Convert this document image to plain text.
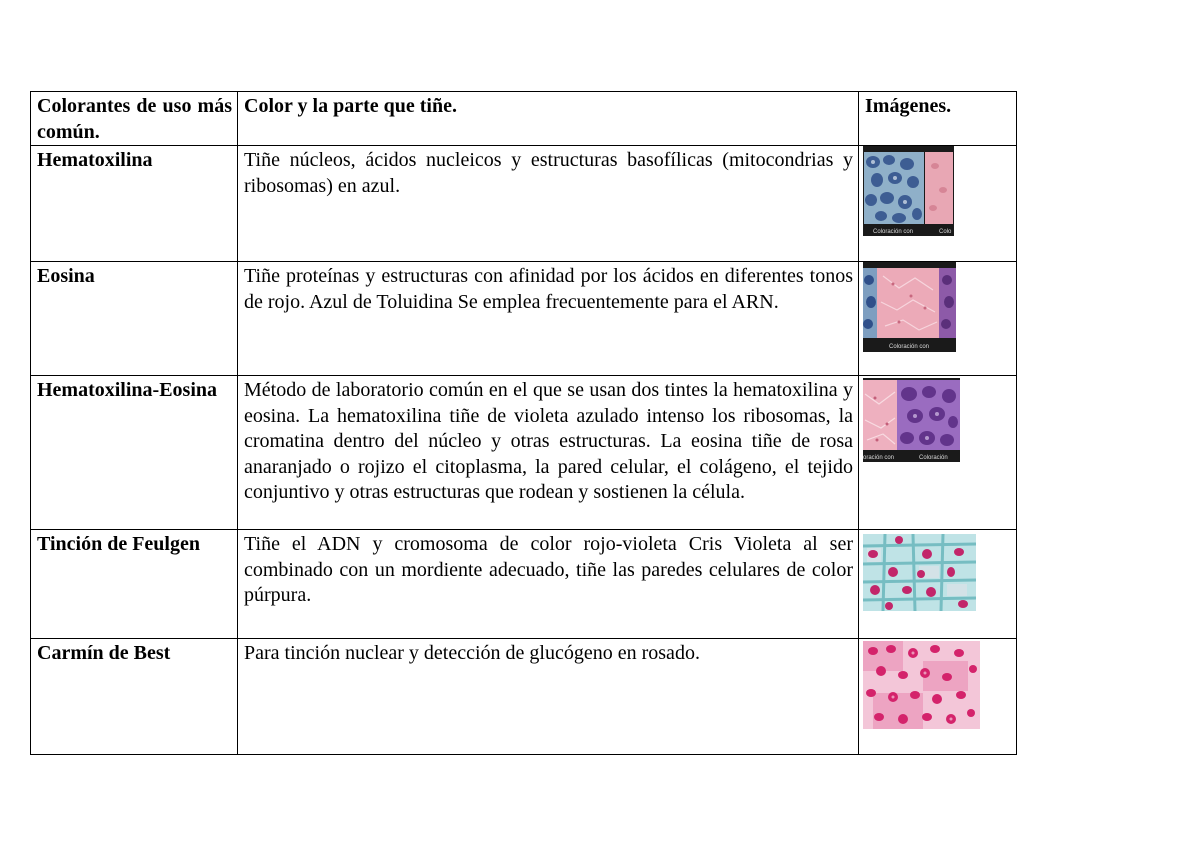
Colorantes de uso más común.	Color y la parte que tiñe.	Imágenes.
Hematoxilina	Tiñe núcleos, ácidos nucleicos y estructuras basofílicas (mitocondrias y ribosomas) en azul.	Coloración con Colo

Eosina	Tiñe proteínas y estructuras con afinidad por los ácidos en diferentes tonos de rojo. Azul de Toluidina Se emplea frecuentemente para el ARN.	Coloración con

Hematoxilina-Eosina	Método de laboratorio común en el que se usan dos tintes la hematoxilina y eosina. La hematoxilina tiñe de violeta azulado intenso los ribosomas, la cromatina dentro del núcleo y otras estructuras. La eosina tiñe de rosa anaranjado o rojizo el citoplasma, la pared celular, el colágeno, el tejido conjuntivo y otras estructuras que rodean y sostienen la célula.	oración con Coloración

Tinción de Feulgen	Tiñe el ADN y cromosoma de color rojo-violeta Cris Violeta al ser combinado con un mordiente adecuado, tiñe las paredes celulares de color púrpura.	

Carmín de Best	Para tinción nuclear y detección de glucógeno en rosado.	
